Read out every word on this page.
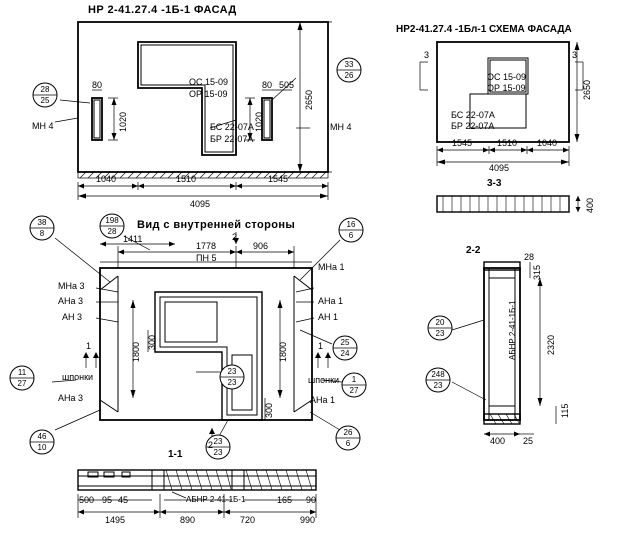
НР 2-41.27.4 -1Б-1 ФАСАД
НР2-41.27.4 -1Бл-1 СХЕМА ФАСАДА
Вид с внутренней стороны
3-3
2-2
1-1
ОС 15-09
ОР 15-09
БС 22-07А
БР 22-07А
МН 4	МН 4
80	80 505
1020	1020
2650
1040	1510	1545
4095
28
25
33
26	ОС 15-09
ОР 15-09
БС 22-07А
БР 22-07А
2650
1545	1510 1040
4095
400
3	3
ПН 5
МНa 3
АНa 3
АН 3
шпонки
АНa 3
МНa 1
АНa 1
АН 1
шпонки
АНa 1
1411
1778	906
1800	1800
300
300
2
2
1	1
38
8
198
28
16
6
25
24
11
27	1
27
46
10
26
6
23
23
23
23
АБНР 2-41-1Б-1
28
315
2320
115
400 25
20
23
248
23
АБНР 2-41-1Б-1
500 95 45
1495	890	720	990
165 90
